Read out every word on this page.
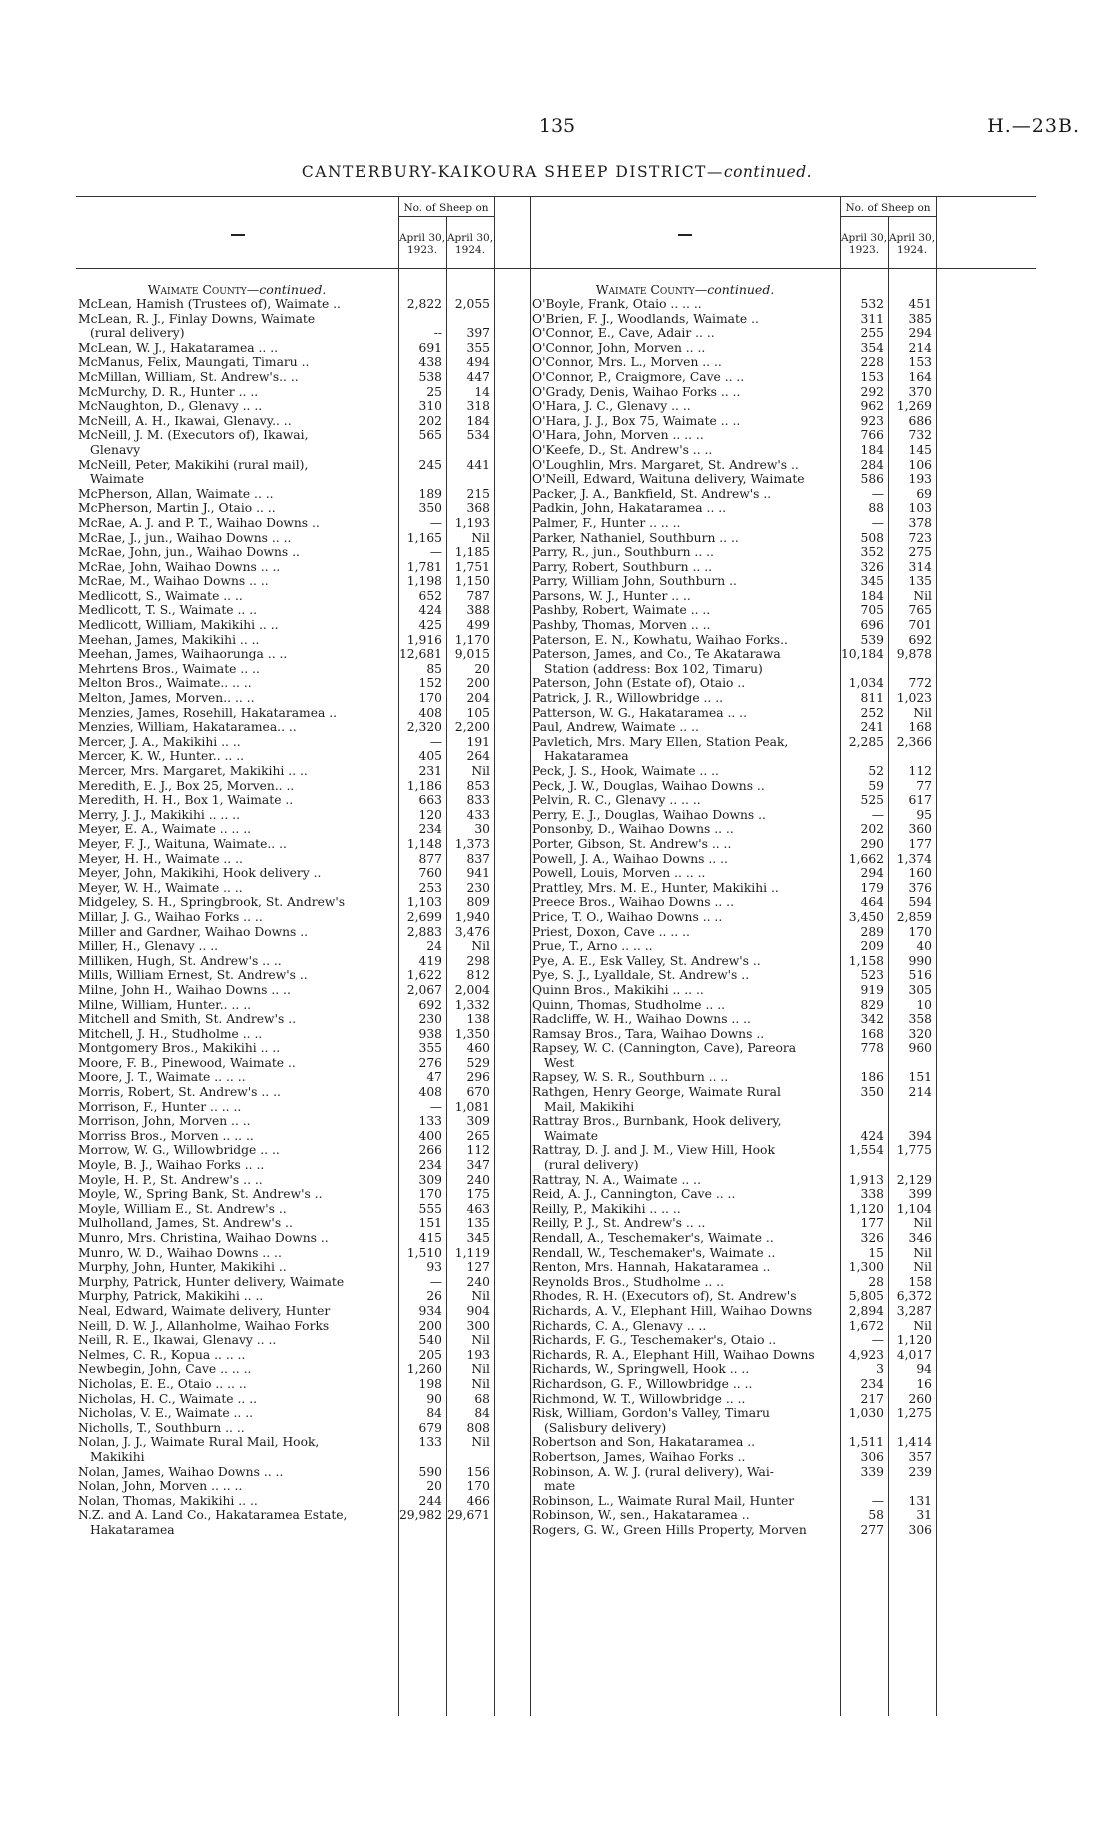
135	H.—23B.
CANTERBURY-KAIKOURA SHEEP DISTRICT—continued.
No. of Sheep on
April 30,
1923.
April 30,
1924.
No. of Sheep on
April 30,
1923.
April 30,
1924.
Waimate County—continued.
McLean, Hamish (Trustees of), Waimate ..	2,822	2,055
McLean, R. J., Finlay Downs, Waimate
(rural delivery)	--	397
McLean, W. J., Hakataramea .. ..	691	355
McManus, Felix, Maungati, Timaru ..	438	494
McMillan, William, St. Andrew's.. ..	538	447
McMurchy, D. R., Hunter .. ..	25	14
McNaughton, D., Glenavy .. ..	310	318
McNeill, A. H., Ikawai, Glenavy.. ..	202	184
McNeill, J. M. (Executors of), Ikawai,
Glenavy
565	534
McNeill, Peter, Makikihi (rural mail),
Waimate
245	441
McPherson, Allan, Waimate .. ..	189	215
McPherson, Martin J., Otaio .. ..	350	368
McRae, A. J. and P. T., Waihao Downs ..	—	1,193
McRae, J., jun., Waihao Downs .. ..	1,165	Nil
McRae, John, jun., Waihao Downs ..	—	1,185
McRae, John, Waihao Downs .. ..	1,781	1,751
McRae, M., Waihao Downs .. ..	1,198	1,150
Medlicott, S., Waimate .. ..	652	787
Medlicott, T. S., Waimate .. ..	424	388
Medlicott, William, Makikihi .. ..	425	499
Meehan, James, Makikihi .. ..	1,916	1,170
Meehan, James, Waihaorunga .. ..	12,681	9,015
Mehrtens Bros., Waimate .. ..	85	20
Melton Bros., Waimate.. .. ..	152	200
Melton, James, Morven.. .. ..	170	204
Menzies, James, Rosehill, Hakataramea ..	408	105
Menzies, William, Hakataramea.. ..	2,320	2,200
Mercer, J. A., Makikihi .. ..	—	191
Mercer, K. W., Hunter.. .. ..	405	264
Mercer, Mrs. Margaret, Makikihi .. ..	231	Nil
Meredith, E. J., Box 25, Morven.. ..	1,186	853
Meredith, H. H., Box 1, Waimate ..	663	833
Merry, J. J., Makikihi .. .. ..	120	433
Meyer, E. A., Waimate .. .. ..	234	30
Meyer, F. J., Waituna, Waimate.. ..	1,148	1,373
Meyer, H. H., Waimate .. ..	877	837
Meyer, John, Makikihi, Hook delivery ..	760	941
Meyer, W. H., Waimate .. ..	253	230
Midgeley, S. H., Springbrook, St. Andrew's	1,103	809
Millar, J. G., Waihao Forks .. ..	2,699	1,940
Miller and Gardner, Waihao Downs ..	2,883	3,476
Miller, H., Glenavy .. ..	24	Nil
Milliken, Hugh, St. Andrew's .. ..	419	298
Mills, William Ernest, St. Andrew's ..	1,622	812
Milne, John H., Waihao Downs .. ..	2,067	2,004
Milne, William, Hunter.. .. ..	692	1,332
Mitchell and Smith, St. Andrew's ..	230	138
Mitchell, J. H., Studholme .. ..	938	1,350
Montgomery Bros., Makikihi .. ..	355	460
Moore, F. B., Pinewood, Waimate ..	276	529
Moore, J. T., Waimate .. .. ..	47	296
Morris, Robert, St. Andrew's .. ..	408	670
Morrison, F., Hunter .. .. ..	—	1,081
Morrison, John, Morven .. ..	133	309
Morriss Bros., Morven .. .. ..	400	265
Morrow, W. G., Willowbridge .. ..	266	112
Moyle, B. J., Waihao Forks .. ..	234	347
Moyle, H. P., St. Andrew's .. ..	309	240
Moyle, W., Spring Bank, St. Andrew's ..	170	175
Moyle, William E., St. Andrew's ..	555	463
Mulholland, James, St. Andrew's ..	151	135
Munro, Mrs. Christina, Waihao Downs ..	415	345
Munro, W. D., Waihao Downs .. ..	1,510	1,119
Murphy, John, Hunter, Makikihi ..	93	127
Murphy, Patrick, Hunter delivery, Waimate	—	240
Murphy, Patrick, Makikihi .. ..	26	Nil
Neal, Edward, Waimate delivery, Hunter	934	904
Neill, D. W. J., Allanholme, Waihao Forks	200	300
Neill, R. E., Ikawai, Glenavy .. ..	540	Nil
Nelmes, C. R., Kopua .. .. ..	205	193
Newbegin, John, Cave .. .. ..	1,260	Nil
Nicholas, E. E., Otaio .. .. ..	198	Nil
Nicholas, H. C., Waimate .. ..	90	68
Nicholas, V. E., Waimate .. ..	84	84
Nicholls, T., Southburn .. ..	679	808
Nolan, J. J., Waimate Rural Mail, Hook,
Makikihi
133	Nil
Nolan, James, Waihao Downs .. ..	590	156
Nolan, John, Morven .. .. ..	20	170
Nolan, Thomas, Makikihi .. ..	244	466
N.Z. and A. Land Co., Hakataramea Estate,
Hakataramea
29,982 29,671
Waimate County—continued.
O'Boyle, Frank, Otaio .. .. ..	532	451
O'Brien, F. J., Woodlands, Waimate ..	311	385
O'Connor, E., Cave, Adair .. ..	255	294
O'Connor, John, Morven .. ..	354	214
O'Connor, Mrs. L., Morven .. ..	228	153
O'Connor, P., Craigmore, Cave .. ..	153	164
O'Grady, Denis, Waihao Forks .. ..	292	370
O'Hara, J. C., Glenavy .. ..	962	1,269
O'Hara, J. J., Box 75, Waimate .. ..	923	686
O'Hara, John, Morven .. .. ..	766	732
O'Keefe, D., St. Andrew's .. ..	184	145
O'Loughlin, Mrs. Margaret, St. Andrew's ..	284	106
O'Neill, Edward, Waituna delivery, Waimate	586	193
Packer, J. A., Bankfield, St. Andrew's ..	—	69
Padkin, John, Hakataramea .. ..	88	103
Palmer, F., Hunter .. .. ..	—	378
Parker, Nathaniel, Southburn .. ..	508	723
Parry, R., jun., Southburn .. ..	352	275
Parry, Robert, Southburn .. ..	326	314
Parry, William John, Southburn ..	345	135
Parsons, W. J., Hunter .. ..	184	Nil
Pashby, Robert, Waimate .. ..	705	765
Pashby, Thomas, Morven .. ..	696	701
Paterson, E. N., Kowhatu, Waihao Forks..	539	692
Paterson, James, and Co., Te Akatarawa
Station (address: Box 102, Timaru)
10,184	9,878
Paterson, John (Estate of), Otaio ..	1,034	772
Patrick, J. R., Willowbridge .. ..	811	1,023
Patterson, W. G., Hakataramea .. ..	252	Nil
Paul, Andrew, Waimate .. ..	241	168
Pavletich, Mrs. Mary Ellen, Station Peak,
Hakataramea
2,285	2,366
Peck, J. S., Hook, Waimate .. ..	52	112
Peck, J. W., Douglas, Waihao Downs ..	59	77
Pelvin, R. C., Glenavy .. .. ..	525	617
Perry, E. J., Douglas, Waihao Downs ..	—	95
Ponsonby, D., Waihao Downs .. ..	202	360
Porter, Gibson, St. Andrew's .. ..	290	177
Powell, J. A., Waihao Downs .. ..	1,662	1,374
Powell, Louis, Morven .. .. ..	294	160
Prattley, Mrs. M. E., Hunter, Makikihi ..	179	376
Preece Bros., Waihao Downs .. ..	464	594
Price, T. O., Waihao Downs .. ..	3,450	2,859
Priest, Doxon, Cave .. .. ..	289	170
Prue, T., Arno .. .. ..	209	40
Pye, A. E., Esk Valley, St. Andrew's ..	1,158	990
Pye, S. J., Lyalldale, St. Andrew's ..	523	516
Quinn Bros., Makikihi .. .. ..	919	305
Quinn, Thomas, Studholme .. ..	829	10
Radcliffe, W. H., Waihao Downs .. ..	342	358
Ramsay Bros., Tara, Waihao Downs ..	168	320
Rapsey, W. C. (Cannington, Cave), Pareora
West
778	960
Rapsey, W. S. R., Southburn .. ..	186	151
Rathgen, Henry George, Waimate Rural
Mail, Makikihi
350	214
Rattray Bros., Burnbank, Hook delivery,
Waimate	424	394
Rattray, D. J. and J. M., View Hill, Hook
(rural delivery)
1,554	1,775
Rattray, N. A., Waimate .. ..	1,913	2,129
Reid, A. J., Cannington, Cave .. ..	338	399
Reilly, P., Makikihi .. .. ..	1,120	1,104
Reilly, P. J., St. Andrew's .. ..	177	Nil
Rendall, A., Teschemaker's, Waimate ..	326	346
Rendall, W., Teschemaker's, Waimate ..	15	Nil
Renton, Mrs. Hannah, Hakataramea ..	1,300	Nil
Reynolds Bros., Studholme .. ..	28	158
Rhodes, R. H. (Executors of), St. Andrew's	5,805	6,372
Richards, A. V., Elephant Hill, Waihao Downs	2,894	3,287
Richards, C. A., Glenavy .. ..	1,672	Nil
Richards, F. G., Teschemaker's, Otaio ..	—	1,120
Richards, R. A., Elephant Hill, Waihao Downs	4,923	4,017
Richards, W., Springwell, Hook .. ..	3	94
Richardson, G. F., Willowbridge .. ..	234	16
Richmond, W. T., Willowbridge .. ..	217	260
Risk, William, Gordon's Valley, Timaru
(Salisbury delivery)
1,030	1,275
Robertson and Son, Hakataramea ..	1,511	1,414
Robertson, James, Waihao Forks ..	306	357
Robinson, A. W. J. (rural delivery), Wai-
mate
339	239
Robinson, L., Waimate Rural Mail, Hunter	—	131
Robinson, W., sen., Hakataramea ..	58	31
Rogers, G. W., Green Hills Property, Morven	277	306
